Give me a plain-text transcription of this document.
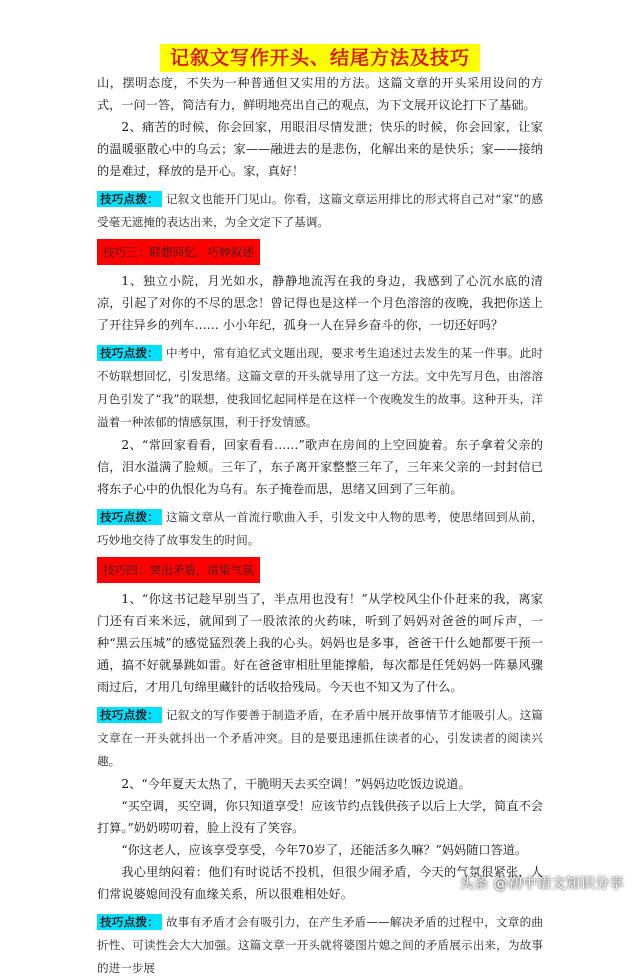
记叙文写作开头、结尾方法及技巧

山，摆明态度，不失为一种普通但又实用的方法。这篇文章的开头采用设问的方式，一问一答，简洁有力，鲜明地亮出自己的观点，为下文展开议论打下了基础。

2、痛苦的时候，你会回家，用眼泪尽情发泄；快乐的时候，你会回家，让家的温暖驱散心中的乌云；家——融进去的是悲伤，化解出来的是快乐；家——接纳的是难过，释放的是开心。家，真好！

技巧点拨： 记叙文也能开门见山。你看，这篇文章运用排比的形式将自己对“家”的感受毫无遮掩的表达出来，为全文定下了基调。

技巧三：联想回忆，巧妙叙述

1、独立小院，月光如水，静静地流泻在我的身边，我感到了心沉水底的清凉，引起了对你的不尽的思念！曾记得也是这样一个月色溶溶的夜晚，我把你送上了开往异乡的列车…… 小小年纪，孤身一人在异乡奋斗的你，一切还好吗？

技巧点拨： 中考中，常有追忆式文题出现，要求考生追述过去发生的某一件事。此时不妨联想回忆，引发思绪。这篇文章的开头就导用了这一方法。文中先写月色，由溶溶月色引发了“我”的联想，使我回忆起同样是在这样一个夜晚发生的故事。这种开头，洋溢着一种浓郁的情感氛围，利于抒发情感。

2、“常回家看看，回家看看……”歌声在房间的上空回旋着。东子拿着父亲的信，泪水溢满了脸颊。三年了，东子离开家整整三年了，三年来父亲的一封封信已将东子心中的仇恨化为乌有。东子掩卷而思，思绪又回到了三年前。

技巧点拨： 这篇文章从一首流行歌曲入手，引发文中人物的思考，使思绪回到从前，巧妙地交待了故事发生的时间。

技巧四：突出矛盾，渲染气氛

1、“你这书记趁早别当了，半点用也没有！”从学校风尘仆仆赶来的我，离家门还有百来米远，就闻到了一股浓浓的火药味，听到了妈妈对爸爸的呵斥声，一种“黑云压城”的感觉猛烈袭上我的心头。妈妈也是多事，爸爸干什么她都要干预一通，搞不好就暴跳如雷。好在爸爸审相肚里能撑船，每次都是任凭妈妈一阵暴风骤雨过后，才用几句绵里藏针的话收拾残局。今天也不知又为了什么。

技巧点拨： 记叙文的写作要善于制造矛盾，在矛盾中展开故事情节才能吸引人。这篇文章在一开头就抖出一个矛盾冲突。目的是要迅速抓住读者的心，引发读者的阅读兴趣。

2、“今年夏天太热了，干脆明天去买空调！”妈妈边吃饭边说道。

“买空调，买空调，你只知道享受！应该节约点钱供孩子以后上大学，简直不会打算。”奶奶唠叨着，脸上没有了笑容。

“你这老人，应该享受享受，今年70岁了，还能活多久嘛？”妈妈随口答道。

我心里纳闷着：他们有时说话不投机，但很少闹矛盾，今天的气氛很紧张，人们常说婆媳间没有血缘关系，所以很难相处好。

技巧点拨： 故事有矛盾才会有吸引力，在产生矛盾——解决矛盾的过程中，文章的曲折性、可读性会大大加强。这篇文章一开头就将婆图片媳之间的矛盾展示出来，为故事的进一步展

头条 @初中语文知识分享
